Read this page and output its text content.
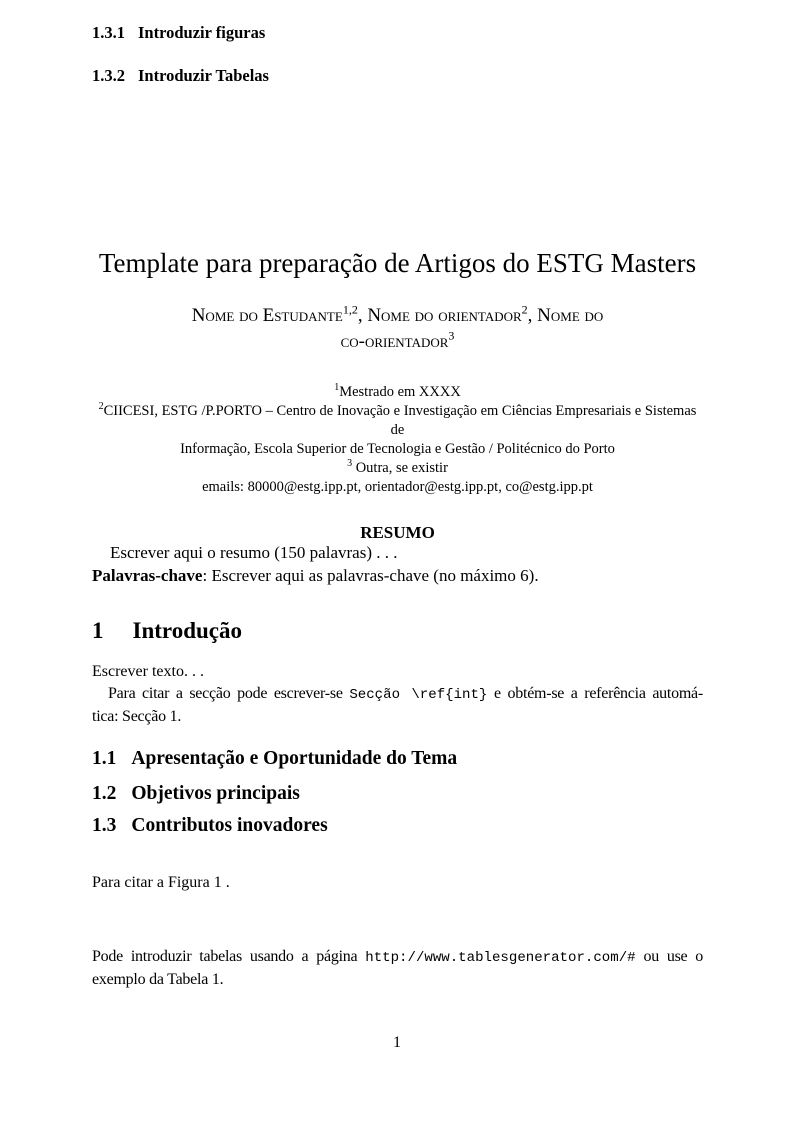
Template para preparação de Artigos do ESTG Masters
Nome do Estudante$^{1,2}$, Nome do orientador$^2$, Nome do
co-orientador$^3$
$^1$Mestrado em XXXX
$^2$CIICESI, ESTG /P.PORTO – Centro de Inovação e Investigação em Ciências Empresariais e Sistemas de
Informação, Escola Superior de Tecnologia e Gestão / Politécnico do Porto
$^3$ Outra, se existir
emails: 80000@estg.ipp.pt, orientador@estg.ipp.pt, co@estg.ipp.pt
RESUMO
Escrever aqui o resumo (150 palavras) . . .
Palavras-chave: Escrever aqui as palavras-chave (no máximo 6).
1 Introdução

Escrever texto. . .

Para citar a secção pode escrever-se Secção \ref{int} e obtém-se a referência automá-
tica: Secção 1.

1.1 Apresentação e Oportunidade do Tema
1.2 Objetivos principais
1.3 Contributos inovadores
1.3.1 Introduzir figuras

Para citar a Figura 1 .

1.3.2 Introduzir Tabelas

Pode introduzir tabelas usando a página http://www.tablesgenerator.com/# ou use o
exemplo da Tabela 1.

1
